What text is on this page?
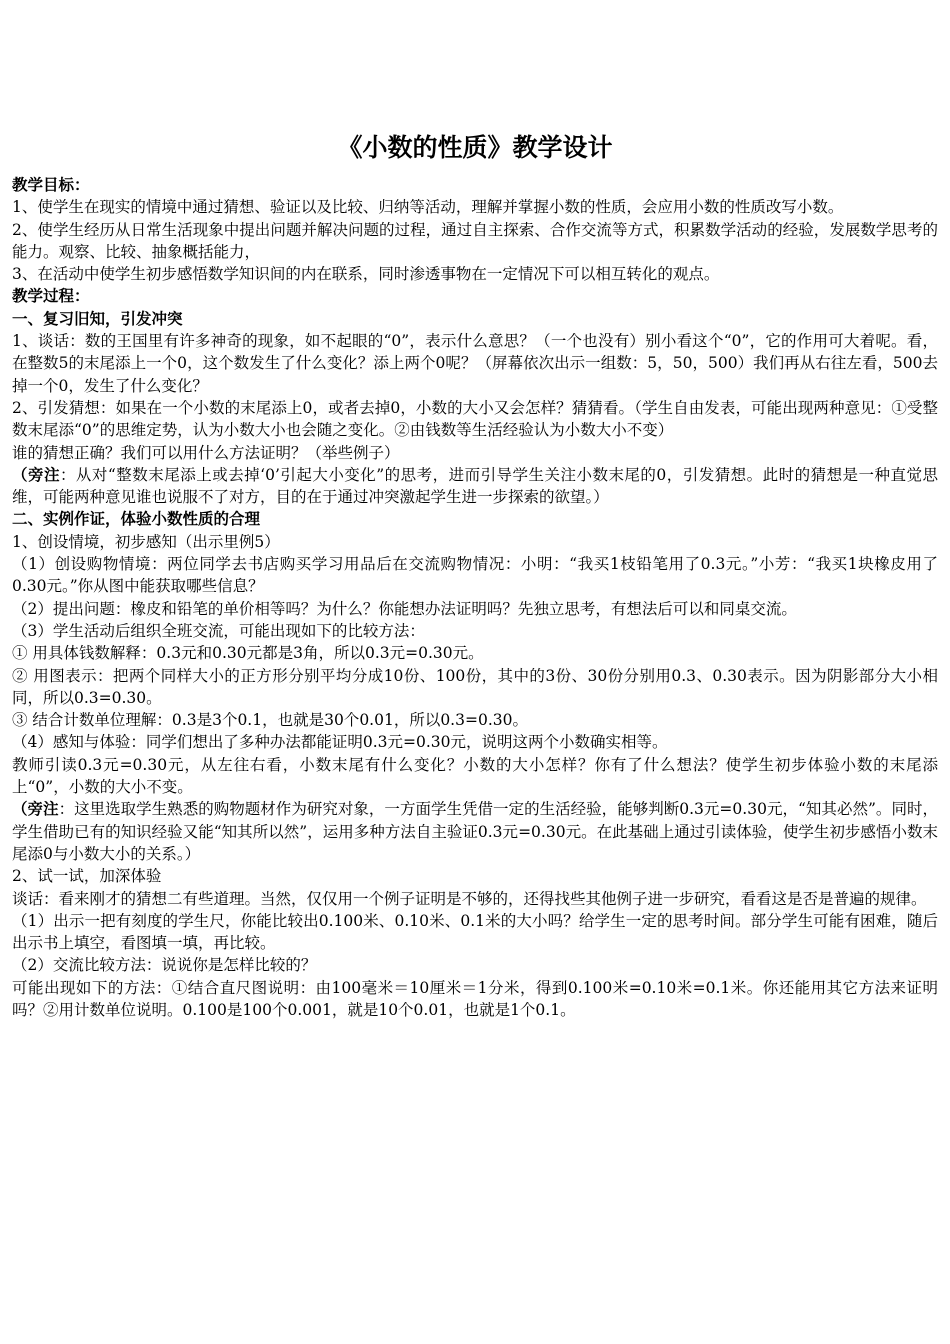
《小数的性质》教学设计

教学目标：

1、使学生在现实的情境中通过猜想、验证以及比较、归纳等活动，理解并掌握小数的性质，会应用小数的性质改写小数。

2、使学生经历从日常生活现象中提出问题并解决问题的过程，通过自主探索、合作交流等方式，积累数学活动的经验，发展数学思考的能力。观察、比较、抽象概括能力，

3、在活动中使学生初步感悟数学知识间的内在联系，同时渗透事物在一定情况下可以相互转化的观点。

教学过程：

一、复习旧知，引发冲突

1、谈话：数的王国里有许多神奇的现象，如不起眼的“0”，表示什么意思？（一个也没有）别小看这个“0”，它的作用可大着呢。看，在整数5的末尾添上一个0，这个数发生了什么变化？添上两个0呢？（屏幕依次出示一组数：5，50，500）我们再从右往左看，500去掉一个0，发生了什么变化？

2、引发猜想：如果在一个小数的末尾添上0，或者去掉0，小数的大小又会怎样？猜猜看。（学生自由发表，可能出现两种意见：①受整数末尾添“0”的思维定势，认为小数大小也会随之变化。②由钱数等生活经验认为小数大小不变）

谁的猜想正确？我们可以用什么方法证明？（举些例子）

（旁注：从对“整数末尾添上或去掉‘0’引起大小变化”的思考，进而引导学生关注小数末尾的0，引发猜想。此时的猜想是一种直觉思维，可能两种意见谁也说服不了对方，目的在于通过冲突激起学生进一步探索的欲望。）

二、实例作证，体验小数性质的合理

1、创设情境，初步感知（出示里例5）

（1）创设购物情境：两位同学去书店购买学习用品后在交流购物情况：小明：“我买1枝铅笔用了0.3元。”小芳：“我买1块橡皮用了0.30元。”你从图中能获取哪些信息？

（2）提出问题：橡皮和铅笔的单价相等吗？为什么？你能想办法证明吗？先独立思考，有想法后可以和同桌交流。

（3）学生活动后组织全班交流，可能出现如下的比较方法：

① 用具体钱数解释：0.3元和0.30元都是3角，所以0.3元=0.30元。

② 用图表示：把两个同样大小的正方形分别平均分成10份、100份，其中的3份、30份分别用0.3、0.30表示。因为阴影部分大小相同，所以0.3=0.30。

③ 结合计数单位理解：0.3是3个0.1，也就是30个0.01，所以0.3=0.30。

（4）感知与体验：同学们想出了多种办法都能证明0.3元=0.30元，说明这两个小数确实相等。

教师引读0.3元=0.30元，从左往右看，小数末尾有什么变化？小数的大小怎样？你有了什么想法？使学生初步体验小数的末尾添上“0”，小数的大小不变。

（旁注：这里选取学生熟悉的购物题材作为研究对象，一方面学生凭借一定的生活经验，能够判断0.3元=0.30元，“知其必然”。同时，学生借助已有的知识经验又能“知其所以然”，运用多种方法自主验证0.3元=0.30元。在此基础上通过引读体验，使学生初步感悟小数末尾添0与小数大小的关系。）

2、试一试，加深体验

谈话：看来刚才的猜想二有些道理。当然，仅仅用一个例子证明是不够的，还得找些其他例子进一步研究，看看这是否是普遍的规律。

（1）出示一把有刻度的学生尺，你能比较出0.100米、0.10米、0.1米的大小吗？给学生一定的思考时间。部分学生可能有困难，随后出示书上填空，看图填一填，再比较。

（2）交流比较方法：说说你是怎样比较的？

可能出现如下的方法：①结合直尺图说明：由100毫米＝10厘米＝1分米，得到0.100米=0.10米=0.1米。你还能用其它方法来证明吗？②用计数单位说明。0.100是100个0.001，就是10个0.01，也就是1个0.1。
